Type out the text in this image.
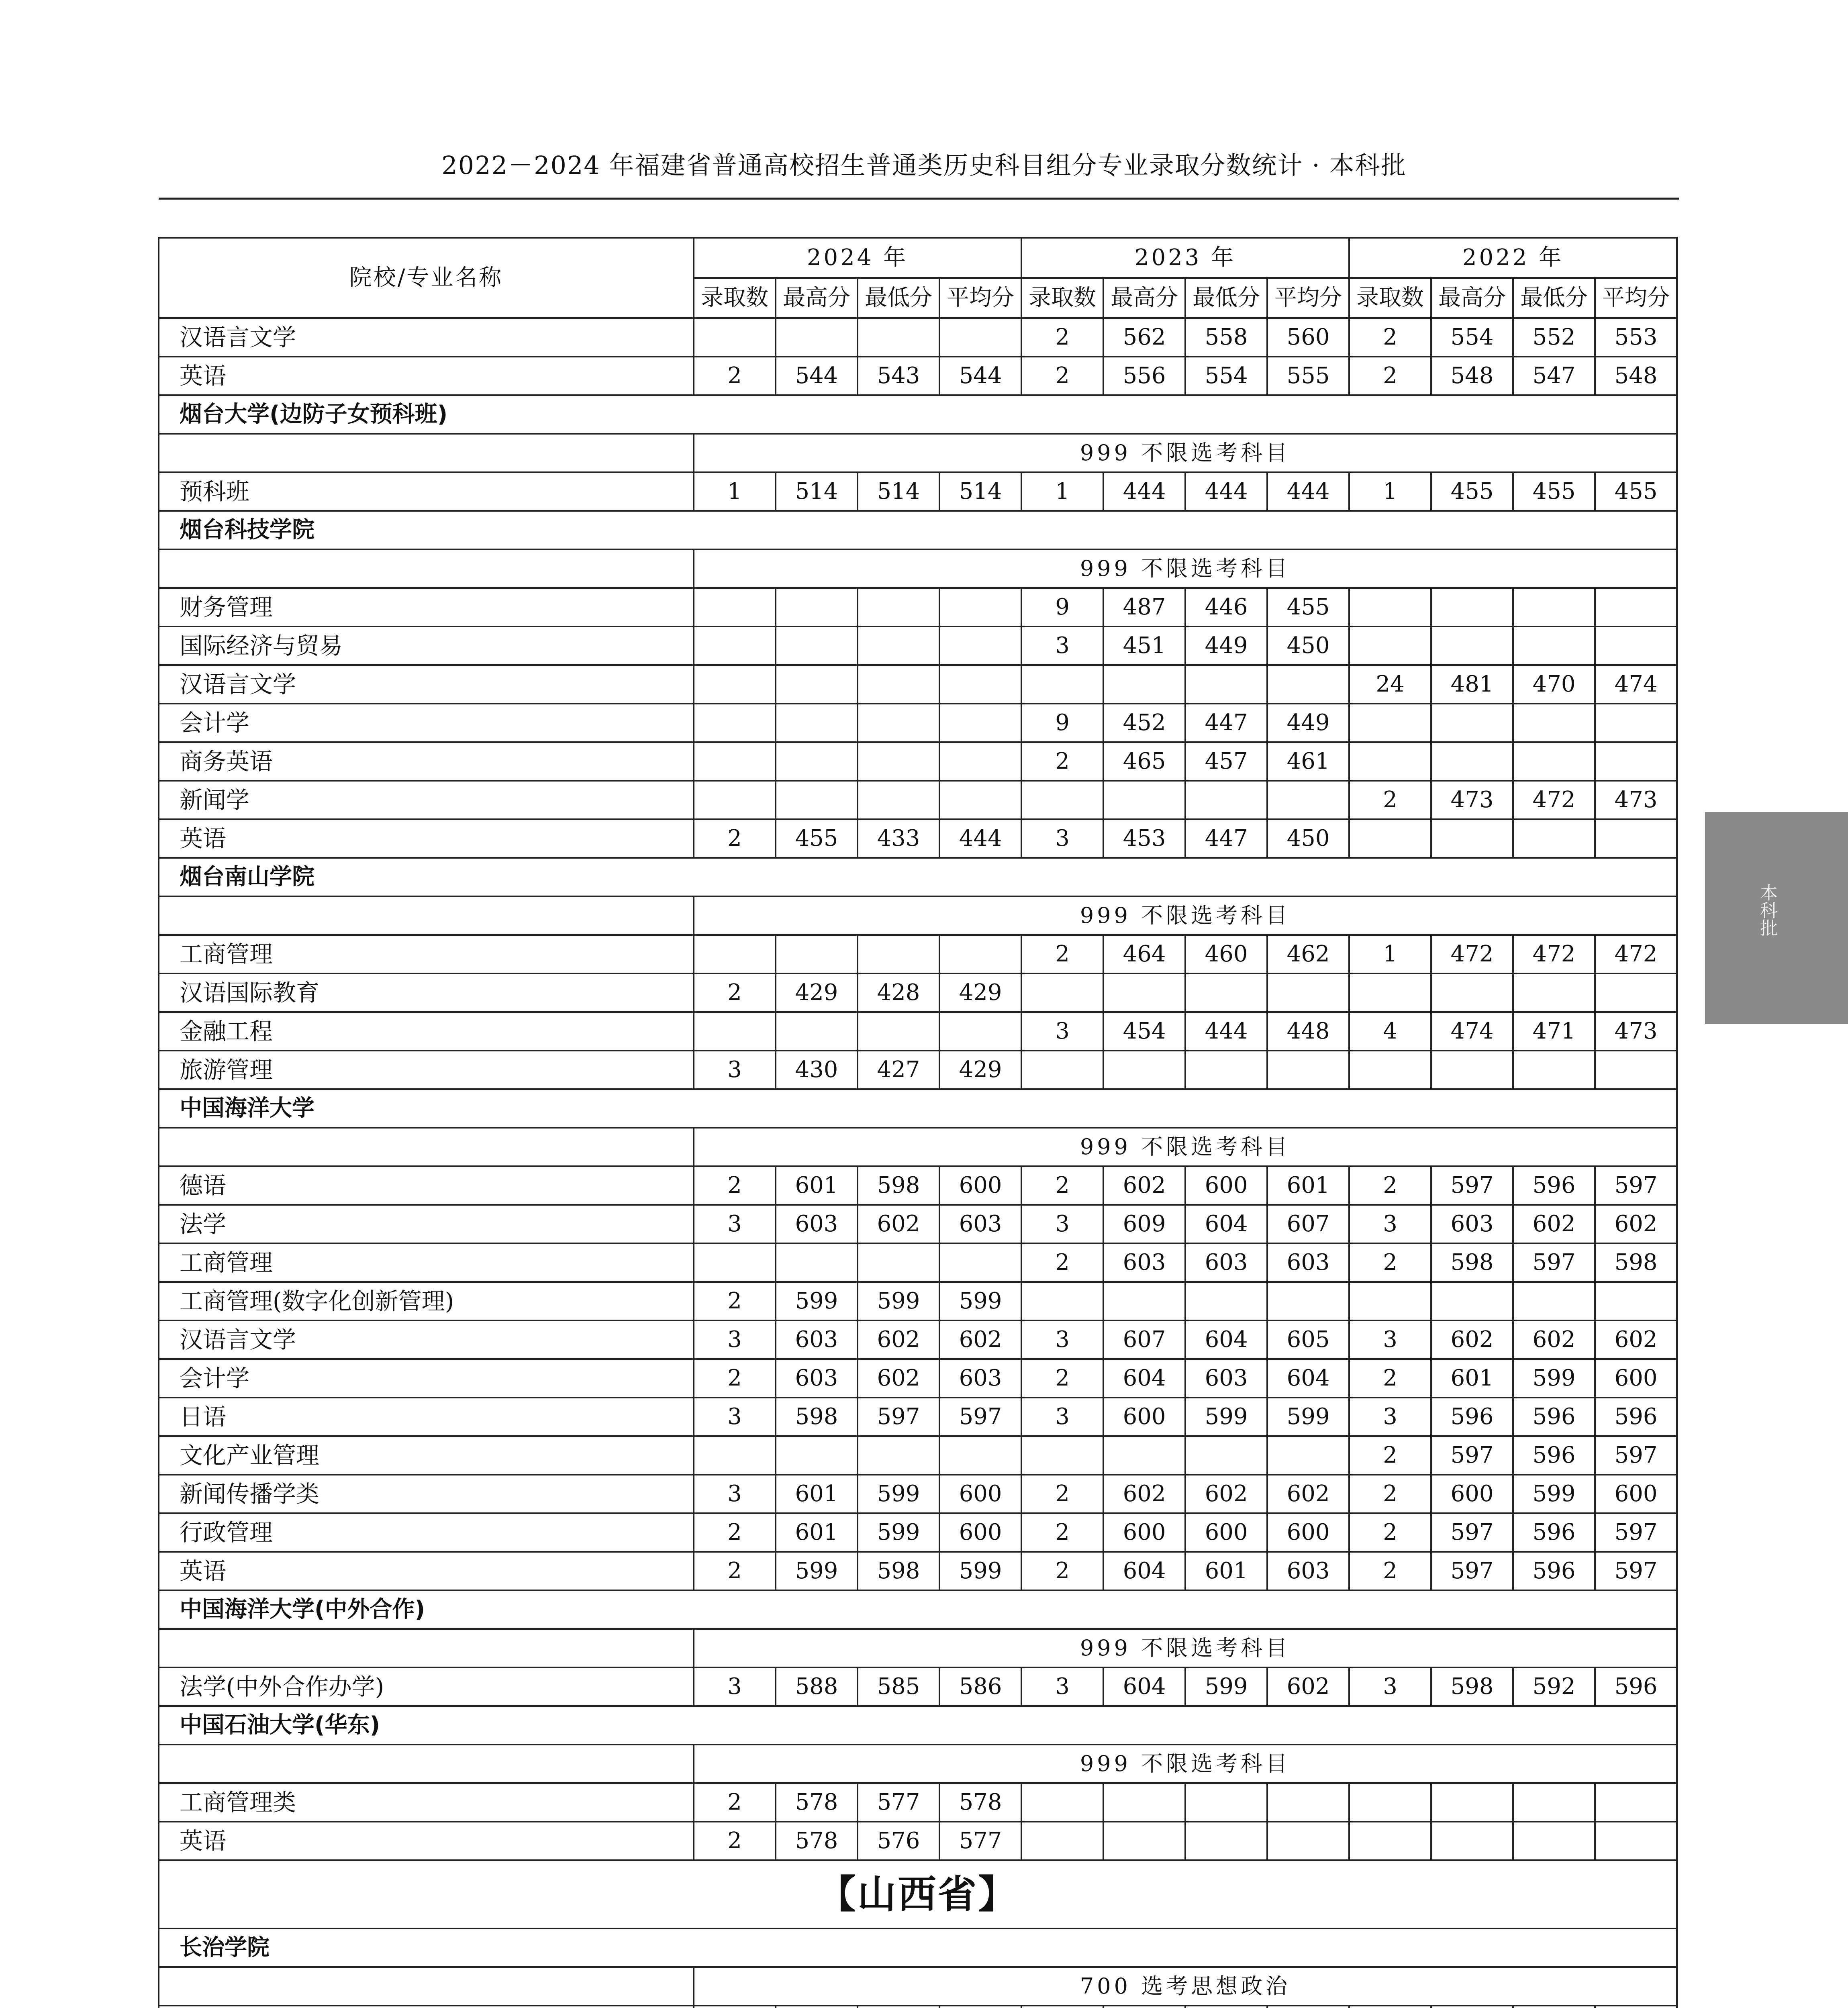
2022－2024 年福建省普通高校招生普通类历史科目组分专业录取分数统计 · 本科批
院校/专业名称	2024 年				2023 年				2022 年			
	录取数	最高分	最低分	平均分	录取数	最高分	最低分	平均分	录取数	最高分	最低分	平均分
汉语言文学					2	562	558	560	2	554	552	553
英语	2	544	543	544	2	556	554	555	2	548	547	548
烟台大学(边防子女预科班)												
	999 不限选考科目											
预科班	1	514	514	514	1	444	444	444	1	455	455	455
烟台科技学院												
	999 不限选考科目											
财务管理					9	487	446	455				
国际经济与贸易					3	451	449	450				
汉语言文学									24	481	470	474
会计学					9	452	447	449				
商务英语					2	465	457	461				
新闻学									2	473	472	473
英语	2	455	433	444	3	453	447	450				
烟台南山学院												
	999 不限选考科目											
工商管理					2	464	460	462	1	472	472	472
汉语国际教育	2	429	428	429								
金融工程					3	454	444	448	4	474	471	473
旅游管理	3	430	427	429								
中国海洋大学												
	999 不限选考科目											
德语	2	601	598	600	2	602	600	601	2	597	596	597
法学	3	603	602	603	3	609	604	607	3	603	602	602
工商管理					2	603	603	603	2	598	597	598
工商管理(数字化创新管理)	2	599	599	599								
汉语言文学	3	603	602	602	3	607	604	605	3	602	602	602
会计学	2	603	602	603	2	604	603	604	2	601	599	600
日语	3	598	597	597	3	600	599	599	3	596	596	596
文化产业管理									2	597	596	597
新闻传播学类	3	601	599	600	2	602	602	602	2	600	599	600
行政管理	2	601	599	600	2	600	600	600	2	597	596	597
英语	2	599	598	599	2	604	601	603	2	597	596	597
中国海洋大学(中外合作)												
	999 不限选考科目											
法学(中外合作办学)	3	588	585	586	3	604	599	602	3	598	592	596
中国石油大学(华东)												
	999 不限选考科目											
工商管理类	2	578	577	578								
英语	2	578	576	577								
【山西省】												
长治学院												
	700 选考思想政治											

本科批
